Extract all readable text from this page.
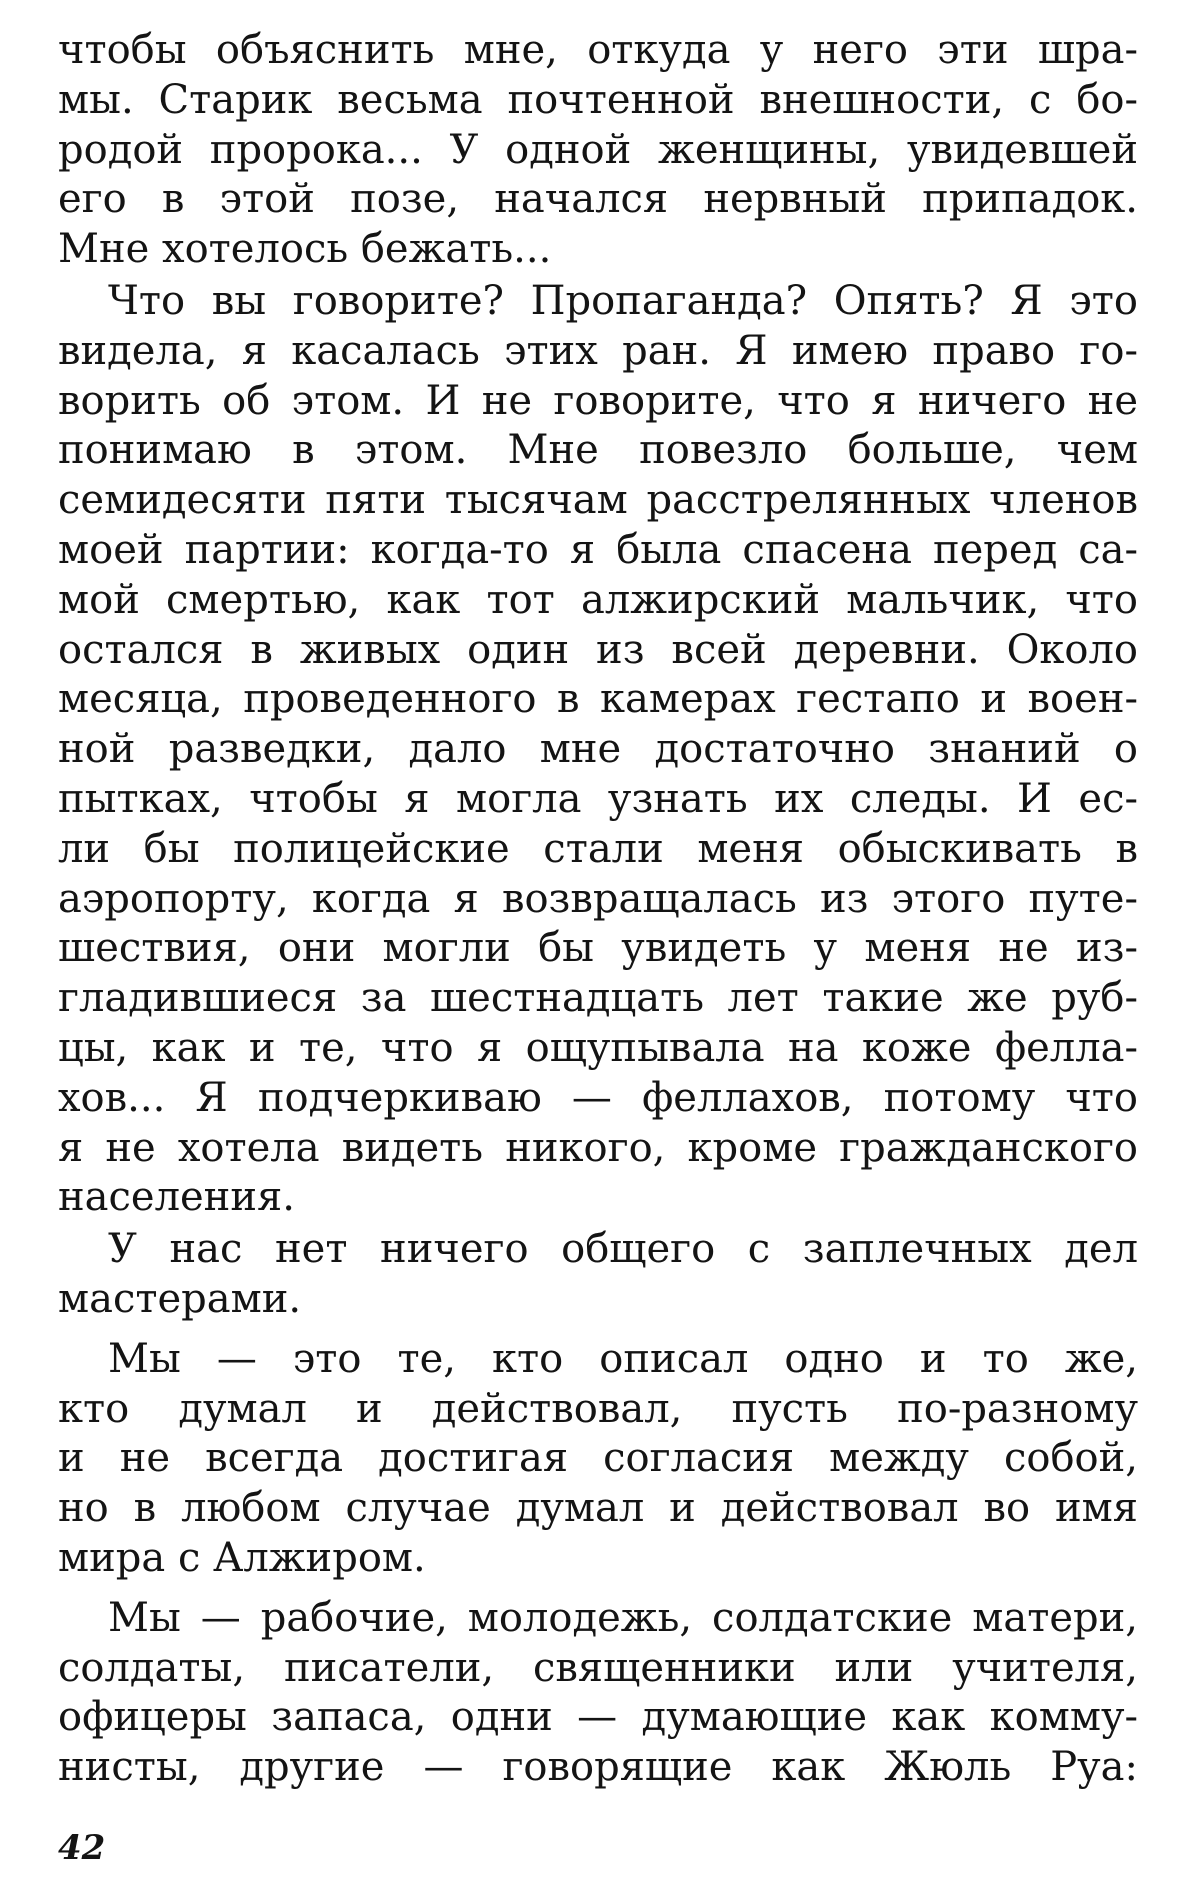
чтобы объяснить мне, откуда у него эти шра-
мы. Старик весьма почтенной внешности, с бо-
родой пророка... У одной женщины, увидевшей
его в этой позе, начался нервный припадок.
Мне хотелось бежать...
Что вы говорите? Пропаганда? Опять? Я это
видела, я касалась этих ран. Я имею право го-
ворить об этом. И не говорите, что я ничего не
понимаю в этом. Мне повезло больше, чем
семидесяти пяти тысячам расстрелянных членов
моей партии: когда-то я была спасена перед са-
мой смертью, как тот алжирский мальчик, что
остался в живых один из всей деревни. Около
месяца, проведенного в камерах гестапо и воен-
ной разведки, дало мне достаточно знаний о
пытках, чтобы я могла узнать их следы. И ес-
ли бы полицейские стали меня обыскивать в
аэропорту, когда я возвращалась из этого путе-
шествия, они могли бы увидеть у меня не из-
гладившиеся за шестнадцать лет такие же руб-
цы, как и те, что я ощупывала на коже фелла-
хов... Я подчеркиваю — феллахов, потому что
я не хотела видеть никого, кроме гражданского
населения.
У нас нет ничего общего с заплечных дел
мастерами.
Мы — это те, кто описал одно и то же,
кто думал и действовал, пусть по-разному
и не всегда достигая согласия между собой,
но в любом случае думал и действовал во имя
мира с Алжиром.
Мы — рабочие, молодежь, солдатские матери,
солдаты, писатели, священники или учителя,
офицеры запаса, одни — думающие как комму-
нисты, другие — говорящие как Жюль Руа:
42
